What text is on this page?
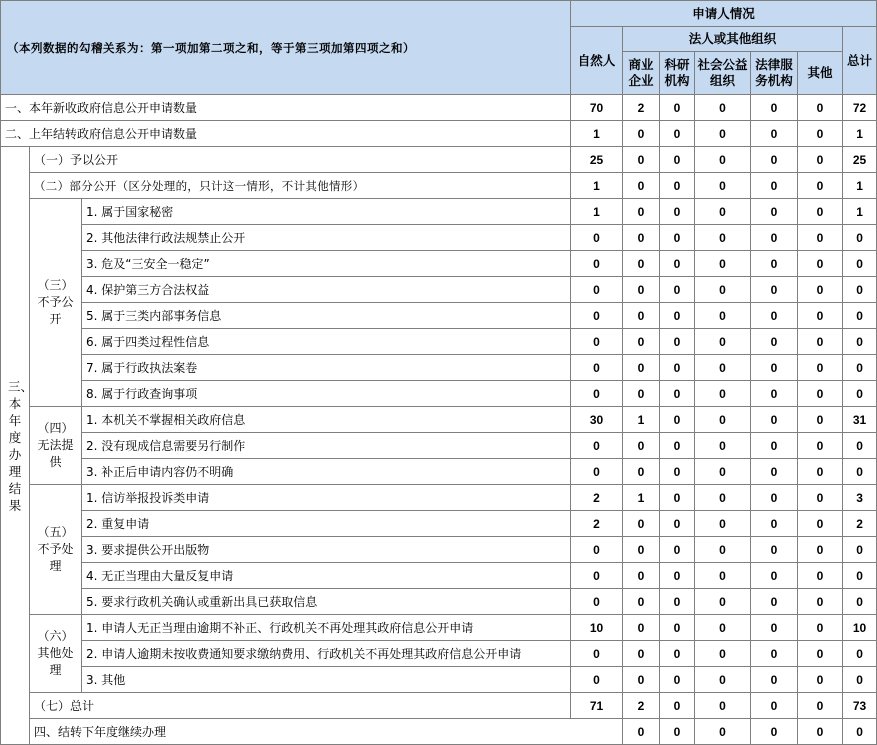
（本列数据的勾稽关系为：第一项加第二项之和，等于第三项加第四项之和）			申请人情况							
			自然人	法人或其他组织					总计	
				商业企业	科研机构	社会公益组织	法律服务机构	其他		
一、本年新收政府信息公开申请数量			70	2	0	0	0	0	72	
二、上年结转政府信息公开申请数量			1	0	0	0	0	0	1	
三、本年度办理结果	（一）予以公开		25	0	0	0	0	0	25	
	（二）部分公开（区分处理的，只计这一情形，不计其他情形）		1	0	0	0	0	0	1	
	（三）不予公开	1. 属于国家秘密	1	0	0	0	0	0	1	
		2. 其他法律行政法规禁止公开	0	0	0	0	0	0	0	
		3. 危及“三安全一稳定”	0	0	0	0	0	0	0	
		4. 保护第三方合法权益	0	0	0	0	0	0	0	
		5. 属于三类内部事务信息	0	0	0	0	0	0	0	
		6. 属于四类过程性信息	0	0	0	0	0	0	0	
		7. 属于行政执法案卷	0	0	0	0	0	0	0	
		8. 属于行政查询事项	0	0	0	0	0	0	0	
	（四）无法提供	1. 本机关不掌握相关政府信息	30	1	0	0	0	0	31	
		2. 没有现成信息需要另行制作	0	0	0	0	0	0	0	
		3. 补正后申请内容仍不明确	0	0	0	0	0	0	0	
	（五）不予处理	1. 信访举报投诉类申请	2	1	0	0	0	0	3	
		2. 重复申请	2	0	0	0	0	0	2	
		3. 要求提供公开出版物	0	0	0	0	0	0	0	
		4. 无正当理由大量反复申请	0	0	0	0	0	0	0	
		5. 要求行政机关确认或重新出具已获取信息	0	0	0	0	0	0	0	
	（六）其他处理	1. 申请人无正当理由逾期不补正、行政机关不再处理其政府信息公开申请	10	0	0	0	0	0	10	
		2. 申请人逾期未按收费通知要求缴纳费用、行政机关不再处理其政府信息公开申请	0	0	0	0	0	0	0	
		3. 其他	0	0	0	0	0	0	0	
	（七）总计		71	2	0	0	0	0	73	
	四、结转下年度继续办理			0	0	0	0	0	0	
